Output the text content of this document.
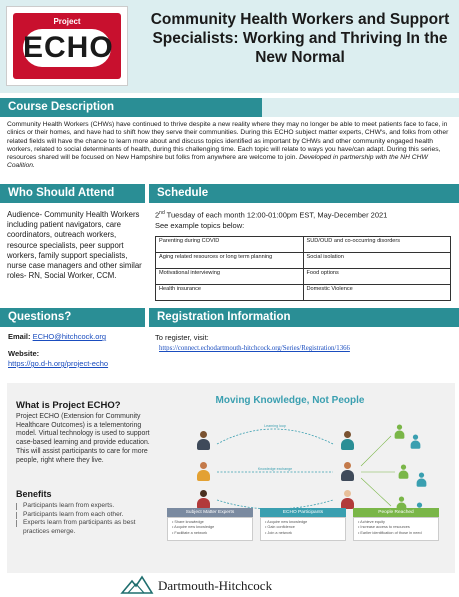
Project
ECHO
Community Health Workers and Support Specialists: Working and Thriving In the New Normal
Course Description
Community Health Workers (CHWs) have continued to thrive despite a new reality where they may no longer be able to meet patients face to face, in clinics or their homes, and have had to shift how they serve their communities. During this ECHO subject matter experts, CHW's, and folks from other related fields will have the chance to learn more about and discuss topics identified as important by CHWs and other community engaged health workers, related to social determinants of health, during this challenging time. Each topic will relate to ways you have/can adapt. During this series, resources shared will be focused on New Hampshire but folks from anywhere are welcome to join. Developed in partnership with the NH CHW Coalition.
Who Should Attend	Schedule
Audience- Community Health Workers including patient navigators, care coordinators, outreach workers, resource specialists, peer support workers, family support specialists, nurse case managers and other similar roles- RN, Social Worker, CCM.
2nd Tuesday of each month 12:00-01:00pm EST, May-December 2021
See example topics below:
Parenting during COVID	SUD/OUD and co-occurring disorders
Aging related resources or long term planning	Social isolation
Motivational interviewing	Food options
Health insurance	Domestic Violence
Questions?	Registration Information
Email: ECHO@hitchcock.org
Website:
https://go.d-h.org/project-echo
To register, visit:
https://connect.echodartmouth-hitchcock.org/Series/Registration/1366
What is Project ECHO?
Project ECHO (Extension for Community Healthcare Outcomes) is a telementoring model. Virtual technology is used to support case-based learning and provide education. This will assist participants to care for more people, right where they live.
Benefits
Participants learn from experts.
Participants learn from each other.
Experts learn from participants as best practices emerge.
Moving Knowledge, Not People
Learning loop
Knowledge exchange
Subject Matter Experts
• Share knowledge
• Acquire new knowledge
• Facilitate a network
ECHO Participants
• Acquire new knowledge
• Gain confidence
• Join a network
People Reached
• Achieve equity
• Increase access to resources
• Earlier identification of those in need
Dartmouth-Hitchcock
